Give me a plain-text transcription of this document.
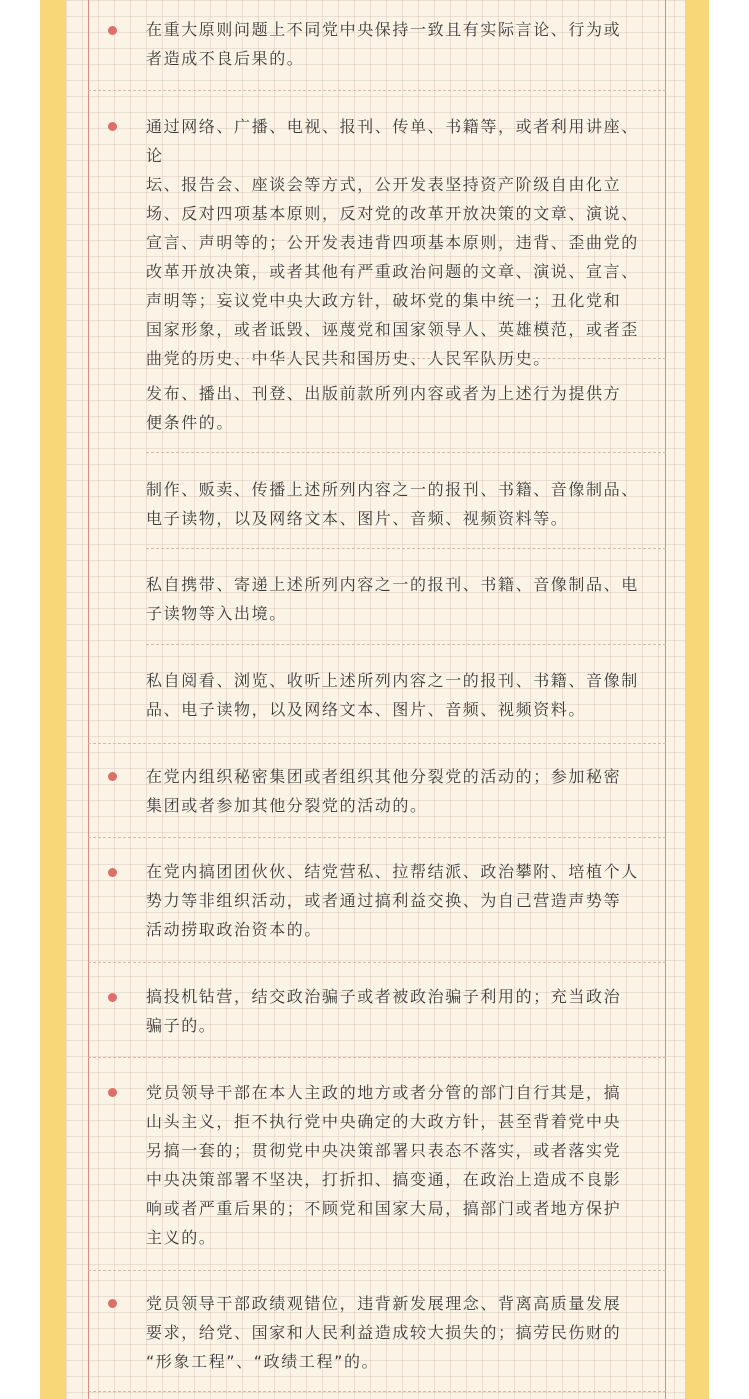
在重大原则问题上不同党中央保持一致且有实际言论、行为或
者造成不良后果的。
通过网络、广播、电视、报刊、传单、书籍等，或者利用讲座、论
坛、报告会、座谈会等方式，公开发表坚持资产阶级自由化立
场、反对四项基本原则，反对党的改革开放决策的文章、演说、
宣言、声明等的；公开发表违背四项基本原则，违背、歪曲党的
改革开放决策，或者其他有严重政治问题的文章、演说、宣言、
声明等；妄议党中央大政方针，破坏党的集中统一；丑化党和
国家形象，或者诋毁、诬蔑党和国家领导人、英雄模范，或者歪
曲党的历史、中华人民共和国历史、人民军队历史。
发布、播出、刊登、出版前款所列内容或者为上述行为提供方
便条件的。
制作、贩卖、传播上述所列内容之一的报刊、书籍、音像制品、
电子读物，以及网络文本、图片、音频、视频资料等。
私自携带、寄递上述所列内容之一的报刊、书籍、音像制品、电
子读物等入出境。
私自阅看、浏览、收听上述所列内容之一的报刊、书籍、音像制
品、电子读物，以及网络文本、图片、音频、视频资料。
在党内组织秘密集团或者组织其他分裂党的活动的；参加秘密
集团或者参加其他分裂党的活动的。
在党内搞团团伙伙、结党营私、拉帮结派、政治攀附、培植个人
势力等非组织活动，或者通过搞利益交换、为自己营造声势等
活动捞取政治资本的。
搞投机钻营，结交政治骗子或者被政治骗子利用的；充当政治
骗子的。
党员领导干部在本人主政的地方或者分管的部门自行其是，搞
山头主义，拒不执行党中央确定的大政方针，甚至背着党中央
另搞一套的；贯彻党中央决策部署只表态不落实，或者落实党
中央决策部署不坚决，打折扣、搞变通，在政治上造成不良影
响或者严重后果的；不顾党和国家大局，搞部门或者地方保护
主义的。
党员领导干部政绩观错位，违背新发展理念、背离高质量发展
要求，给党、国家和人民利益造成较大损失的；搞劳民伤财的
“形象工程”、“政绩工程”的。
